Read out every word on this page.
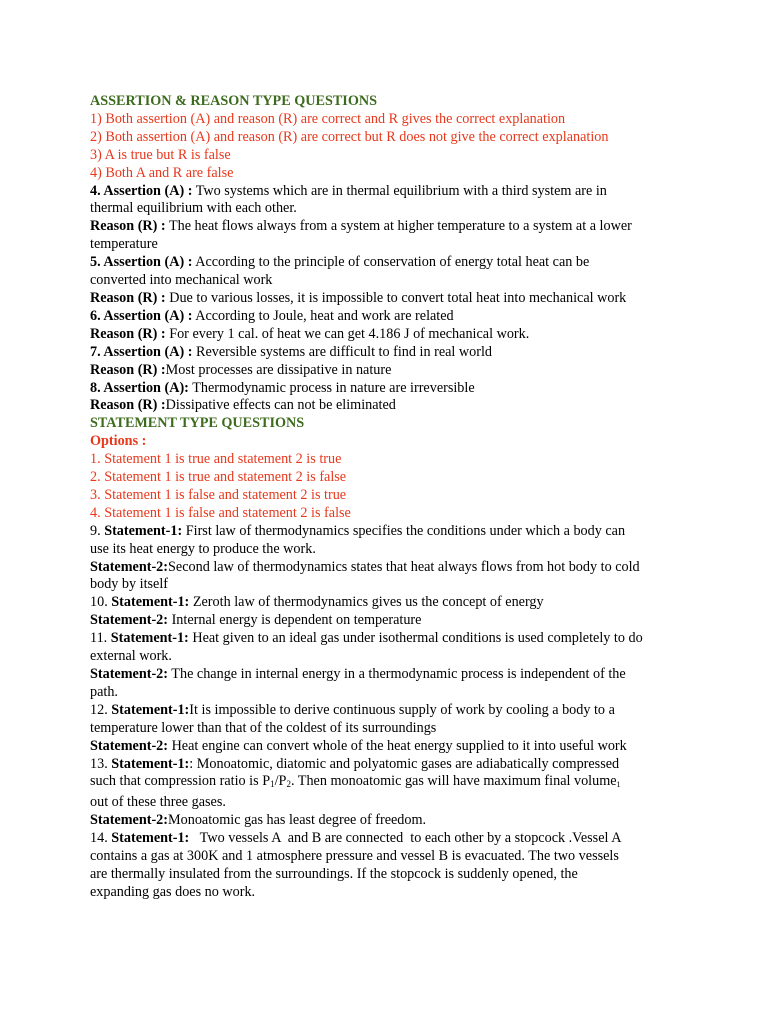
ASSERTION & REASON TYPE QUESTIONS
1) Both assertion (A) and reason (R) are correct and R gives the correct explanation
2) Both assertion (A) and reason (R) are correct but R does not give the correct explanation
3) A is true but R is false
4) Both A and R are false
4. Assertion (A) : Two systems which are in thermal equilibrium with a third system are in
thermal equilibrium with each other.
Reason (R) : The heat flows always from a system at higher temperature to a system at a lower
temperature
5. Assertion (A) : According to the principle of conservation of energy total heat can be
converted into mechanical work
Reason (R) : Due to various losses, it is impossible to convert total heat into mechanical work
6. Assertion (A) : According to Joule, heat and work are related
Reason (R) : For every 1 cal. of heat we can get 4.186 J of mechanical work.
7. Assertion (A) : Reversible systems are difficult to find in real world
Reason (R) :Most processes are dissipative in nature
8. Assertion (A): Thermodynamic process in nature are irreversible
Reason (R) :Dissipative effects can not be eliminated
STATEMENT TYPE QUESTIONS
Options :
1. Statement 1 is true and statement 2 is true
2. Statement 1 is true and statement 2 is false
3. Statement 1 is false and statement 2 is true
4. Statement 1 is false and statement 2 is false
9. Statement-1: First law of thermodynamics specifies the conditions under which a body can
use its heat energy to produce the work.
Statement-2:Second law of thermodynamics states that heat always flows from hot body to cold
body by itself
10. Statement-1: Zeroth law of thermodynamics gives us the concept of energy
Statement-2: Internal energy is dependent on temperature
11. Statement-1: Heat given to an ideal gas under isothermal conditions is used completely to do
external work.
Statement-2: The change in internal energy in a thermodynamic process is independent of the
path.
12. Statement-1:It is impossible to derive continuous supply of work by cooling a body to a
temperature lower than that of the coldest of its surroundings
Statement-2: Heat engine can convert whole of the heat energy supplied to it into useful work
13. Statement-1:: Monoatomic, diatomic and polyatomic gases are adiabatically compressed
such that compression ratio is $P_1/P_2$. Then monoatomic gas will have maximum final volume1
out of these three gases.
Statement-2:Monoatomic gas has least degree of freedom.
14. Statement-1:   Two vessels A  and B are connected  to each other by a stopcock .Vessel A
contains a gas at 300K and 1 atmosphere pressure and vessel B is evacuated. The two vessels
are thermally insulated from the surroundings. If the stopcock is suddenly opened, the
expanding gas does no work.
